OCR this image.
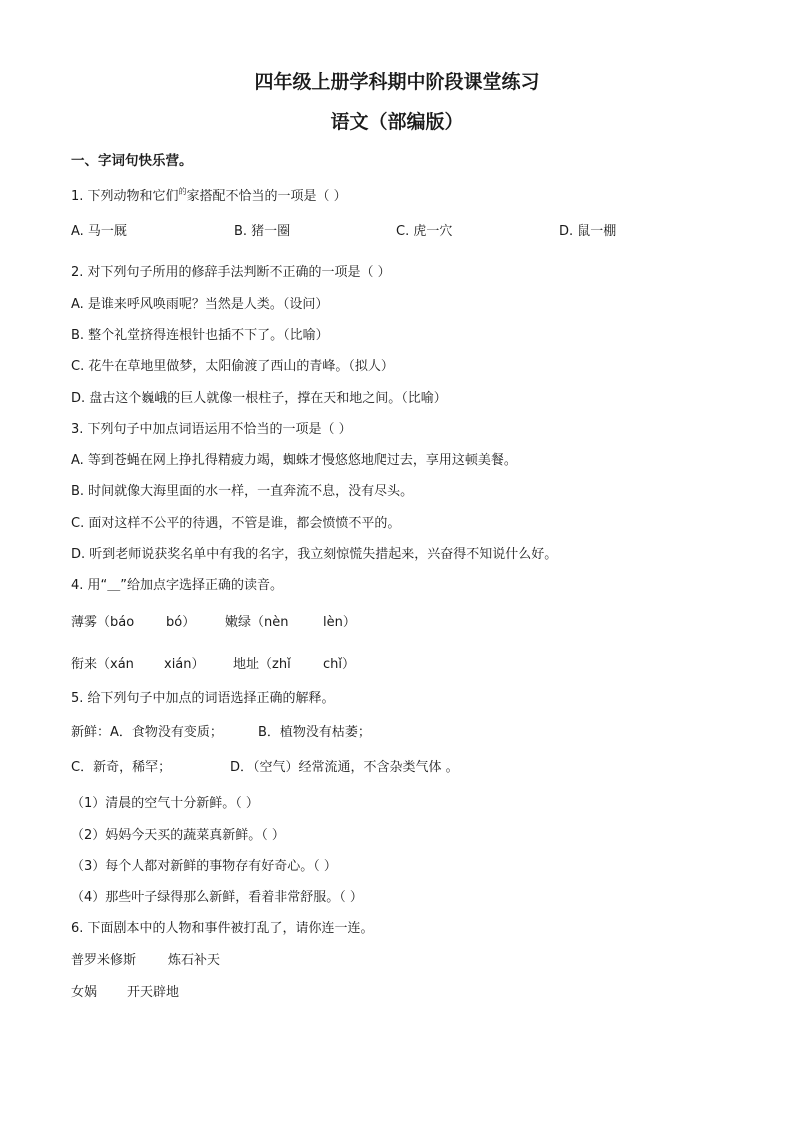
四年级上册学科期中阶段课堂练习
语文（部编版）
一、字词句快乐营。
1. 下列动物和它们$^的$家搭配不恰当的一项是（ ）
A. 马一厩	B. 猪一圈	C. 虎一穴	D. 鼠一棚
2. 对下列句子所用的修辞手法判断不正确的一项是（ ）
A. 是谁来呼风唤雨呢？当然是人类。（设问）
B. 整个礼堂挤得连根针也插不下了。（比喻）
C. 花牛在草地里做梦，太阳偷渡了西山的青峰。（拟人）
D. 盘古这个巍峨的巨人就像一根柱子，撑在天和地之间。（比喻）
3. 下列句子中加点词语运用不恰当的一项是（ ）
A. 等到苍蝇在网上挣扎得精疲力竭，蜘蛛才慢悠悠地爬过去，享用这顿美餐。
B. 时间就像大海里面的水一样，一直奔流不息，没有尽头。
C. 面对这样不公平的待遇，不管是谁，都会愤愤不平的。
D. 听到老师说获奖名单中有我的名字，我立刻惊慌失措起来，兴奋得不知说什么好。
4. 用“＿”给加点字选择正确的读音。
薄雾（báo bó） 嫩绿（nèn	lèn）
衔来（xán xián） 地址（zhǐ chǐ）
5. 给下列句子中加点的词语选择正确的解释。
新鲜：A．食物没有变质；	B．植物没有枯萎；
C．新奇，稀罕；	D．（空气）经常流通，不含杂类气体 。
（1）清晨的空气十分新鲜。（ ）
（2）妈妈今天买的蔬菜真新鲜。（ ）
（3）每个人都对新鲜的事物存有好奇心。（ ）
（4）那些叶子绿得那么新鲜，看着非常舒服。（ ）
6. 下面剧本中的人物和事件被打乱了，请你连一连。
普罗米修斯 炼石补天
女娲 开天辟地
